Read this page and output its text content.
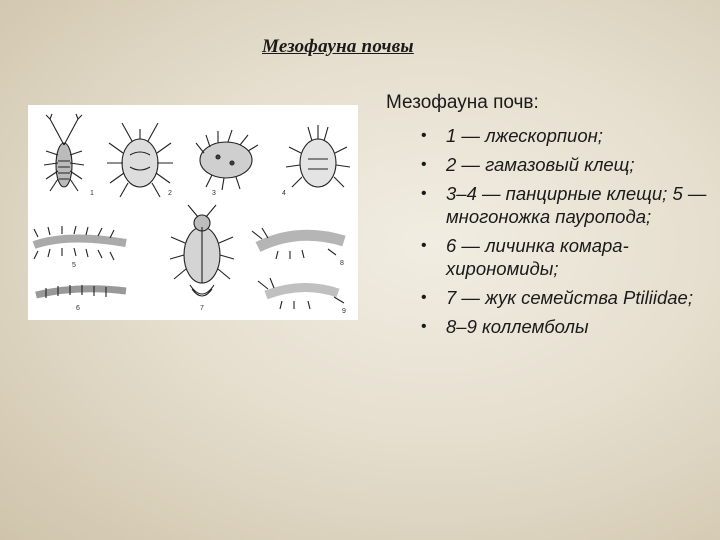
Мезофауна почвы
1	2	3	4
5
6	7
8
9
Мезофауна почв:
• 1 — лжескорпион;
• 2 — гамазовый клещ;
• 3–4 — панцирные клещи; 5 — многоножка пауропода;
• 6 — личинка комара-хирономиды;
• 7 — жук семейства Ptiliidae;
• 8–9 коллемболы
